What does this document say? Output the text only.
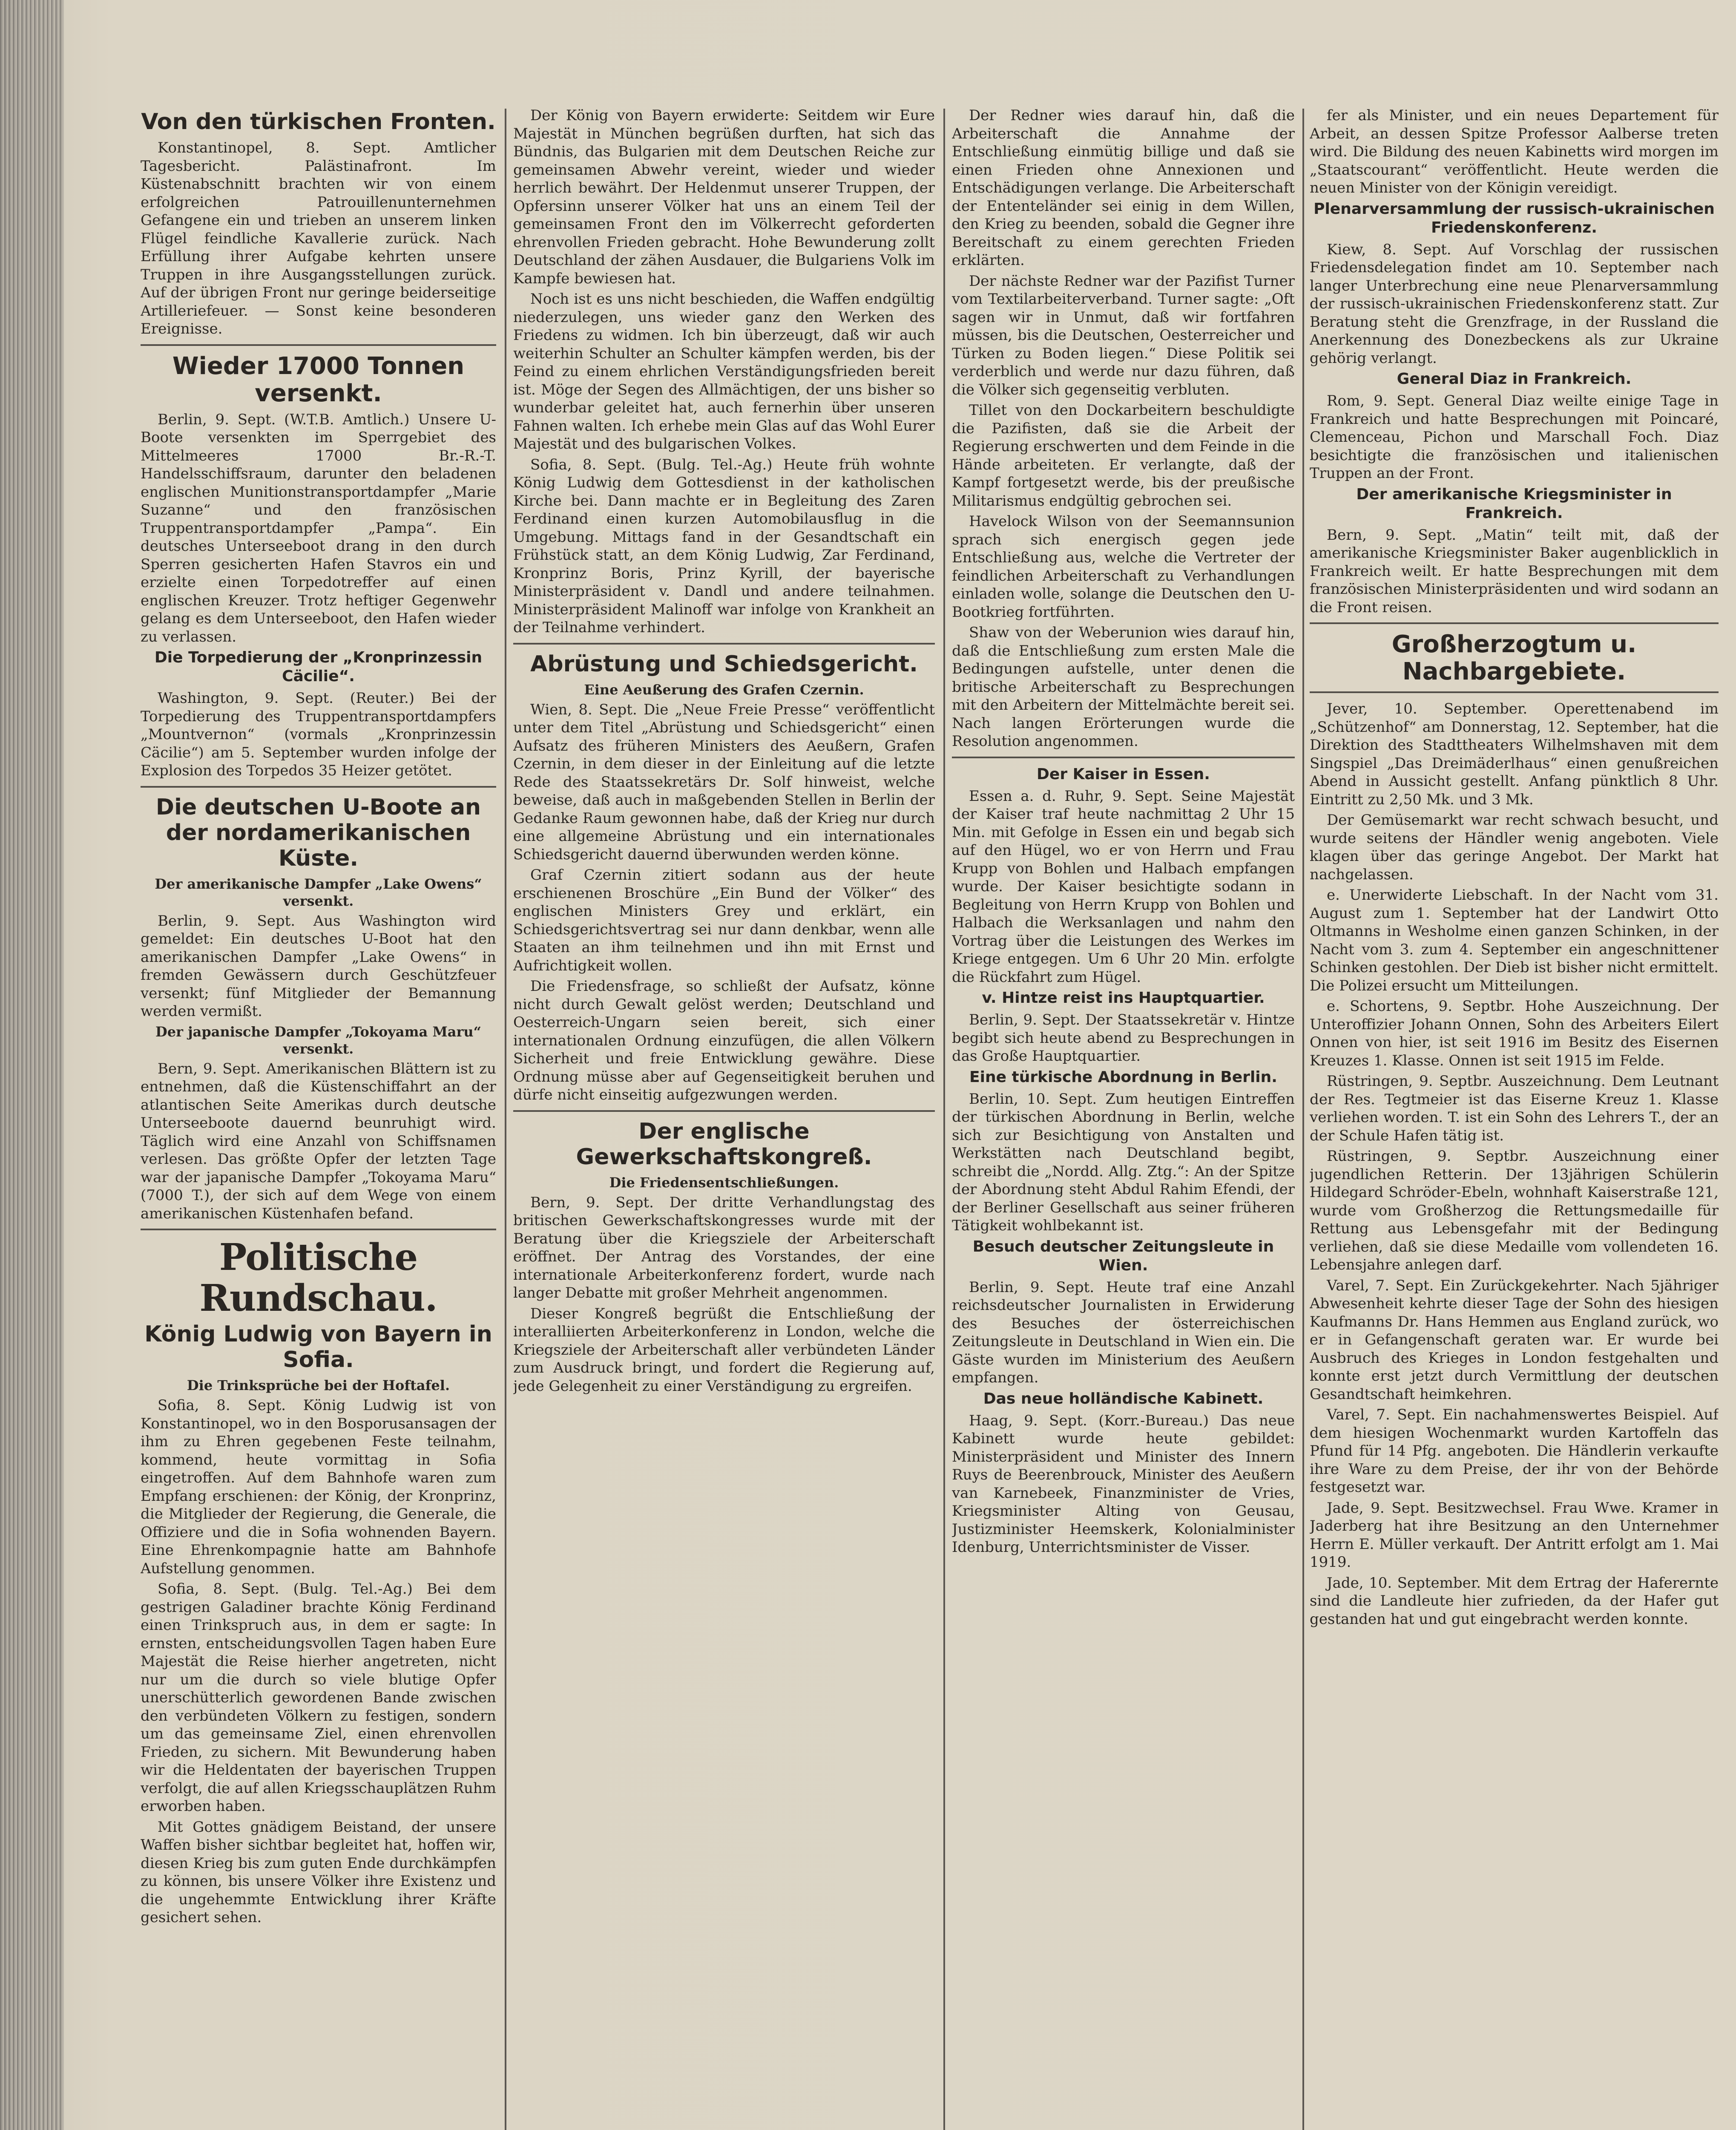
Von den türkischen Fronten.

Konstantinopel, 8. Sept. Amtlicher Tagesbericht. Palästinafront. Im Küstenabschnitt brachten wir von einem erfolgreichen Patrouillenunternehmen Gefangene ein und trieben an unserem linken Flügel feindliche Kavallerie zurück. Nach Erfüllung ihrer Aufgabe kehrten unsere Truppen in ihre Ausgangsstellungen zurück. Auf der übrigen Front nur geringe beiderseitige Artilleriefeuer. — Sonst keine besonderen Ereignisse.

Wieder 17000 Tonnen versenkt.

Berlin, 9. Sept. (W.T.B. Amtlich.) Unsere U-Boote versenkten im Sperrgebiet des Mittelmeeres 17000 Br.-R.-T. Handelsschiffsraum, darunter den beladenen englischen Munitionstransportdampfer „Marie Suzanne“ und den französischen Truppentransportdampfer „Pampa“. Ein deutsches Unterseeboot drang in den durch Sperren gesicherten Hafen Stavros ein und erzielte einen Torpedotreffer auf einen englischen Kreuzer. Trotz heftiger Gegenwehr gelang es dem Unterseeboot, den Hafen wieder zu verlassen.

Die Torpedierung der „Kronprinzessin Cäcilie“.

Washington, 9. Sept. (Reuter.) Bei der Torpedierung des Truppentransportdampfers „Mountvernon“ (vormals „Kronprinzessin Cäcilie“) am 5. September wurden infolge der Explosion des Torpedos 35 Heizer getötet.

Die deutschen U-Boote an der nordamerikanischen Küste.
Der amerikanische Dampfer „Lake Owens“ versenkt.

Berlin, 9. Sept. Aus Washington wird gemeldet: Ein deutsches U-Boot hat den amerikanischen Dampfer „Lake Owens“ in fremden Gewässern durch Geschützfeuer versenkt; fünf Mitglieder der Bemannung werden vermißt.

Der japanische Dampfer „Tokoyama Maru“ versenkt.

Bern, 9. Sept. Amerikanischen Blättern ist zu entnehmen, daß die Küstenschiffahrt an der atlantischen Seite Amerikas durch deutsche Unterseeboote dauernd beunruhigt wird. Täglich wird eine Anzahl von Schiffsnamen verlesen. Das größte Opfer der letzten Tage war der japanische Dampfer „Tokoyama Maru“ (7000 T.), der sich auf dem Wege von einem amerikanischen Küstenhafen befand.

Politische Rundschau.
König Ludwig von Bayern in Sofia.
Die Trinksprüche bei der Hoftafel.

Sofia, 8. Sept. König Ludwig ist von Konstantinopel, wo in den Bosporusansagen der ihm zu Ehren gegebenen Feste teilnahm, kommend, heute vormittag in Sofia eingetroffen. Auf dem Bahnhofe waren zum Empfang erschienen: der König, der Kronprinz, die Mitglieder der Regierung, die Generale, die Offiziere und die in Sofia wohnenden Bayern. Eine Ehrenkompagnie hatte am Bahnhofe Aufstellung genommen.

Sofia, 8. Sept. (Bulg. Tel.-Ag.) Bei dem gestrigen Galadiner brachte König Ferdinand einen Trinkspruch aus, in dem er sagte: In ernsten, entscheidungsvollen Tagen haben Eure Majestät die Reise hierher angetreten, nicht nur um die durch so viele blutige Opfer unerschütterlich gewordenen Bande zwischen den verbündeten Völkern zu festigen, sondern um das gemeinsame Ziel, einen ehrenvollen Frieden, zu sichern. Mit Bewunderung haben wir die Heldentaten der bayerischen Truppen verfolgt, die auf allen Kriegsschauplätzen Ruhm erworben haben.

Mit Gottes gnädigem Beistand, der unsere Waffen bisher sichtbar begleitet hat, hoffen wir, diesen Krieg bis zum guten Ende durchkämpfen zu können, bis unsere Völker ihre Existenz und die ungehemmte Entwicklung ihrer Kräfte gesichert sehen.

Der König von Bayern erwiderte: Seitdem wir Eure Majestät in München begrüßen durften, hat sich das Bündnis, das Bulgarien mit dem Deutschen Reiche zur gemeinsamen Abwehr vereint, wieder und wieder herrlich bewährt. Der Heldenmut unserer Truppen, der Opfersinn unserer Völker hat uns an einem Teil der gemeinsamen Front den im Völkerrecht geforderten ehrenvollen Frieden gebracht. Hohe Bewunderung zollt Deutschland der zähen Ausdauer, die Bulgariens Volk im Kampfe bewiesen hat.

Noch ist es uns nicht beschieden, die Waffen endgültig niederzulegen, uns wieder ganz den Werken des Friedens zu widmen. Ich bin überzeugt, daß wir auch weiterhin Schulter an Schulter kämpfen werden, bis der Feind zu einem ehrlichen Verständigungsfrieden bereit ist. Möge der Segen des Allmächtigen, der uns bisher so wunderbar geleitet hat, auch fernerhin über unseren Fahnen walten. Ich erhebe mein Glas auf das Wohl Eurer Majestät und des bulgarischen Volkes.

Sofia, 8. Sept. (Bulg. Tel.-Ag.) Heute früh wohnte König Ludwig dem Gottesdienst in der katholischen Kirche bei. Dann machte er in Begleitung des Zaren Ferdinand einen kurzen Automobilausflug in die Umgebung. Mittags fand in der Gesandtschaft ein Frühstück statt, an dem König Ludwig, Zar Ferdinand, Kronprinz Boris, Prinz Kyrill, der bayerische Ministerpräsident v. Dandl und andere teilnahmen. Ministerpräsident Malinoff war infolge von Krankheit an der Teilnahme verhindert.

Abrüstung und Schiedsgericht.
Eine Aeußerung des Grafen Czernin.

Wien, 8. Sept. Die „Neue Freie Presse“ veröffentlicht unter dem Titel „Abrüstung und Schiedsgericht“ einen Aufsatz des früheren Ministers des Aeußern, Grafen Czernin, in dem dieser in der Einleitung auf die letzte Rede des Staatssekretärs Dr. Solf hinweist, welche beweise, daß auch in maßgebenden Stellen in Berlin der Gedanke Raum gewonnen habe, daß der Krieg nur durch eine allgemeine Abrüstung und ein internationales Schiedsgericht dauernd überwunden werden könne.

Graf Czernin zitiert sodann aus der heute erschienenen Broschüre „Ein Bund der Völker“ des englischen Ministers Grey und erklärt, ein Schiedsgerichtsvertrag sei nur dann denkbar, wenn alle Staaten an ihm teilnehmen und ihn mit Ernst und Aufrichtigkeit wollen.

Die Friedensfrage, so schließt der Aufsatz, könne nicht durch Gewalt gelöst werden; Deutschland und Oesterreich-Ungarn seien bereit, sich einer internationalen Ordnung einzufügen, die allen Völkern Sicherheit und freie Entwicklung gewähre. Diese Ordnung müsse aber auf Gegenseitigkeit beruhen und dürfe nicht einseitig aufgezwungen werden.

Der englische Gewerkschaftskongreß.
Die Friedensentschließungen.

Bern, 9. Sept. Der dritte Verhandlungstag des britischen Gewerkschaftskongresses wurde mit der Beratung über die Kriegsziele der Arbeiterschaft eröffnet. Der Antrag des Vorstandes, der eine internationale Arbeiterkonferenz fordert, wurde nach langer Debatte mit großer Mehrheit angenommen.

Dieser Kongreß begrüßt die Entschließung der interalliierten Arbeiterkonferenz in London, welche die Kriegsziele der Arbeiterschaft aller verbündeten Länder zum Ausdruck bringt, und fordert die Regierung auf, jede Gelegenheit zu einer Verständigung zu ergreifen.

Der Redner wies darauf hin, daß die Arbeiterschaft die Annahme der Entschließung einmütig billige und daß sie einen Frieden ohne Annexionen und Entschädigungen verlange. Die Arbeiterschaft der Ententeländer sei einig in dem Willen, den Krieg zu beenden, sobald die Gegner ihre Bereitschaft zu einem gerechten Frieden erklärten.

Der nächste Redner war der Pazifist Turner vom Textilarbeiterverband. Turner sagte: „Oft sagen wir in Unmut, daß wir fortfahren müssen, bis die Deutschen, Oesterreicher und Türken zu Boden liegen.“ Diese Politik sei verderblich und werde nur dazu führen, daß die Völker sich gegenseitig verbluten.

Tillet von den Dockarbeitern beschuldigte die Pazifisten, daß sie die Arbeit der Regierung erschwerten und dem Feinde in die Hände arbeiteten. Er verlangte, daß der Kampf fortgesetzt werde, bis der preußische Militarismus endgültig gebrochen sei.

Havelock Wilson von der Seemannsunion sprach sich energisch gegen jede Entschließung aus, welche die Vertreter der feindlichen Arbeiterschaft zu Verhandlungen einladen wolle, solange die Deutschen den U-Bootkrieg fortführten.

Shaw von der Weberunion wies darauf hin, daß die Entschließung zum ersten Male die Bedingungen aufstelle, unter denen die britische Arbeiterschaft zu Besprechungen mit den Arbeitern der Mittelmächte bereit sei. Nach langen Erörterungen wurde die Resolution angenommen.

Der Kaiser in Essen.

Essen a. d. Ruhr, 9. Sept. Seine Majestät der Kaiser traf heute nachmittag 2 Uhr 15 Min. mit Gefolge in Essen ein und begab sich auf den Hügel, wo er von Herrn und Frau Krupp von Bohlen und Halbach empfangen wurde. Der Kaiser besichtigte sodann in Begleitung von Herrn Krupp von Bohlen und Halbach die Werksanlagen und nahm den Vortrag über die Leistungen des Werkes im Kriege entgegen. Um 6 Uhr 20 Min. erfolgte die Rückfahrt zum Hügel.

v. Hintze reist ins Hauptquartier.

Berlin, 9. Sept. Der Staatssekretär v. Hintze begibt sich heute abend zu Besprechungen in das Große Hauptquartier.

Eine türkische Abordnung in Berlin.

Berlin, 10. Sept. Zum heutigen Eintreffen der türkischen Abordnung in Berlin, welche sich zur Besichtigung von Anstalten und Werkstätten nach Deutschland begibt, schreibt die „Nordd. Allg. Ztg.“: An der Spitze der Abordnung steht Abdul Rahim Efendi, der der Berliner Gesellschaft aus seiner früheren Tätigkeit wohlbekannt ist.

Besuch deutscher Zeitungsleute in Wien.

Berlin, 9. Sept. Heute traf eine Anzahl reichsdeutscher Journalisten in Erwiderung des Besuches der österreichischen Zeitungsleute in Deutschland in Wien ein. Die Gäste wurden im Ministerium des Aeußern empfangen.

Das neue holländische Kabinett.

Haag, 9. Sept. (Korr.-Bureau.) Das neue Kabinett wurde heute gebildet: Ministerpräsident und Minister des Innern Ruys de Beerenbrouck, Minister des Aeußern van Karnebeek, Finanzminister de Vries, Kriegsminister Alting von Geusau, Justizminister Heemskerk, Kolonialminister Idenburg, Unterrichtsminister de Visser.

fer als Minister, und ein neues Departement für Arbeit, an dessen Spitze Professor Aalberse treten wird. Die Bildung des neuen Kabinetts wird morgen im „Staatscourant“ veröffentlicht. Heute werden die neuen Minister von der Königin vereidigt.

Plenarversammlung der russisch-ukrainischen Friedenskonferenz.

Kiew, 8. Sept. Auf Vorschlag der russischen Friedensdelegation findet am 10. September nach langer Unterbrechung eine neue Plenarversammlung der russisch-ukrainischen Friedenskonferenz statt. Zur Beratung steht die Grenzfrage, in der Russland die Anerkennung des Donezbeckens als zur Ukraine gehörig verlangt.

General Diaz in Frankreich.

Rom, 9. Sept. General Diaz weilte einige Tage in Frankreich und hatte Besprechungen mit Poincaré, Clemenceau, Pichon und Marschall Foch. Diaz besichtigte die französischen und italienischen Truppen an der Front.

Der amerikanische Kriegsminister in Frankreich.

Bern, 9. Sept. „Matin“ teilt mit, daß der amerikanische Kriegsminister Baker augenblicklich in Frankreich weilt. Er hatte Besprechungen mit dem französischen Ministerpräsidenten und wird sodann an die Front reisen.

Großherzogtum u. Nachbargebiete.

Jever, 10. September. Operettenabend im „Schützenhof“ am Donnerstag, 12. September, hat die Direktion des Stadttheaters Wilhelmshaven mit dem Singspiel „Das Dreimäderlhaus“ einen genußreichen Abend in Aussicht gestellt. Anfang pünktlich 8 Uhr. Eintritt zu 2,50 Mk. und 3 Mk.

Der Gemüsemarkt war recht schwach besucht, und wurde seitens der Händler wenig angeboten. Viele klagen über das geringe Angebot. Der Markt hat nachgelassen.

e. Unerwiderte Liebschaft. In der Nacht vom 31. August zum 1. September hat der Landwirt Otto Oltmanns in Wesholme einen ganzen Schinken, in der Nacht vom 3. zum 4. September ein angeschnittener Schinken gestohlen. Der Dieb ist bisher nicht ermittelt. Die Polizei ersucht um Mitteilungen.

e. Schortens, 9. Septbr. Hohe Auszeichnung. Der Unteroffizier Johann Onnen, Sohn des Arbeiters Eilert Onnen von hier, ist seit 1916 im Besitz des Eisernen Kreuzes 1. Klasse. Onnen ist seit 1915 im Felde.

Rüstringen, 9. Septbr. Auszeichnung. Dem Leutnant der Res. Tegtmeier ist das Eiserne Kreuz 1. Klasse verliehen worden. T. ist ein Sohn des Lehrers T., der an der Schule Hafen tätig ist.

Rüstringen, 9. Septbr. Auszeichnung einer jugendlichen Retterin. Der 13jährigen Schülerin Hildegard Schröder-Ebeln, wohnhaft Kaiserstraße 121, wurde vom Großherzog die Rettungsmedaille für Rettung aus Lebensgefahr mit der Bedingung verliehen, daß sie diese Medaille vom vollendeten 16. Lebensjahre anlegen darf.

Varel, 7. Sept. Ein Zurückgekehrter. Nach 5jähriger Abwesenheit kehrte dieser Tage der Sohn des hiesigen Kaufmanns Dr. Hans Hemmen aus England zurück, wo er in Gefangenschaft geraten war. Er wurde bei Ausbruch des Krieges in London festgehalten und konnte erst jetzt durch Vermittlung der deutschen Gesandtschaft heimkehren.

Varel, 7. Sept. Ein nachahmenswertes Beispiel. Auf dem hiesigen Wochenmarkt wurden Kartoffeln das Pfund für 14 Pfg. angeboten. Die Händlerin verkaufte ihre Ware zu dem Preise, der ihr von der Behörde festgesetzt war.

Jade, 9. Sept. Besitzwechsel. Frau Wwe. Kramer in Jaderberg hat ihre Besitzung an den Unternehmer Herrn E. Müller verkauft. Der Antritt erfolgt am 1. Mai 1919.

Jade, 10. September. Mit dem Ertrag der Haferernte sind die Landleute hier zufrieden, da der Hafer gut gestanden hat und gut eingebracht werden konnte.
